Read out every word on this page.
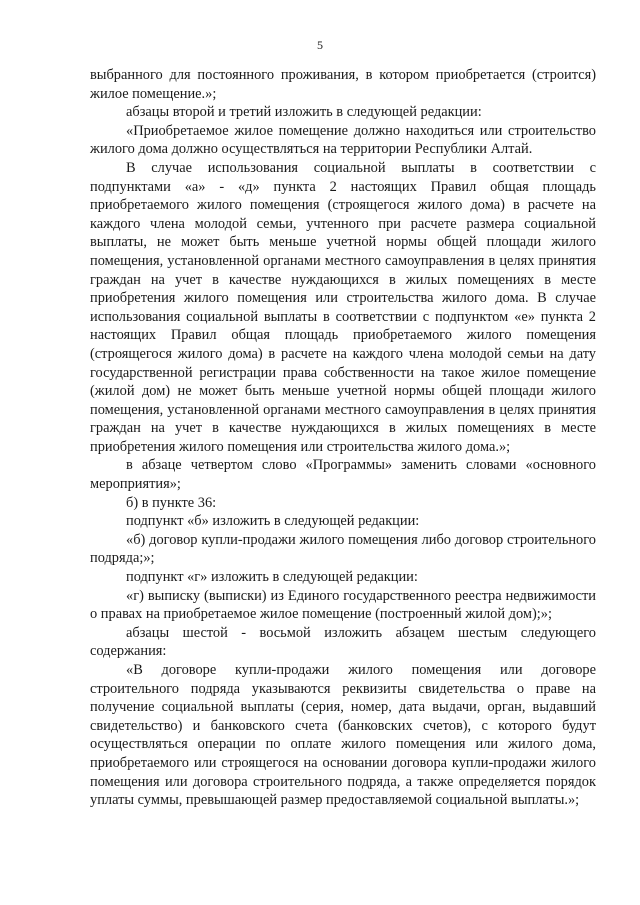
5

выбранного для постоянного проживания, в котором приобретается (строится) жилое помещение.»;

абзацы второй и третий изложить в следующей редакции:

«Приобретаемое жилое помещение должно находиться или строительство жилого дома должно осуществляться на территории Республики Алтай.

В случае использования социальной выплаты в соответствии с подпунктами «а» - «д» пункта 2 настоящих Правил общая площадь приобретаемого жилого помещения (строящегося жилого дома) в расчете на каждого члена молодой семьи, учтенного при расчете размера социальной выплаты, не может быть меньше учетной нормы общей площади жилого помещения, установленной органами местного самоуправления в целях принятия граждан на учет в качестве нуждающихся в жилых помещениях в месте приобретения жилого помещения или строительства жилого дома. В случае использования социальной выплаты в соответствии с подпунктом «е» пункта 2 настоящих Правил общая площадь приобретаемого жилого помещения (строящегося жилого дома) в расчете на каждого члена молодой семьи на дату государственной регистрации права собственности на такое жилое помещение (жилой дом) не может быть меньше учетной нормы общей площади жилого помещения, установленной органами местного самоуправления в целях принятия граждан на учет в качестве нуждающихся в жилых помещениях в месте приобретения жилого помещения или строительства жилого дома.»;

в абзаце четвертом слово «Программы» заменить словами «основного мероприятия»;

б) в пункте 36:

подпункт «б» изложить в следующей редакции:

«б) договор купли-продажи жилого помещения либо договор строительного подряда;»;

подпункт «г» изложить в следующей редакции:

«г) выписку (выписки) из Единого государственного реестра недвижимости о правах на приобретаемое жилое помещение (построенный жилой дом);»;

абзацы шестой - восьмой изложить абзацем шестым следующего содержания:

«В договоре купли-продажи жилого помещения или договоре строительного подряда указываются реквизиты свидетельства о праве на получение социальной выплаты (серия, номер, дата выдачи, орган, выдавший свидетельство) и банковского счета (банковских счетов), с которого будут осуществляться операции по оплате жилого помещения или жилого дома, приобретаемого или строящегося на основании договора купли-продажи жилого помещения или договора строительного подряда, а также определяется порядок уплаты суммы, превышающей размер предоставляемой социальной выплаты.»;
